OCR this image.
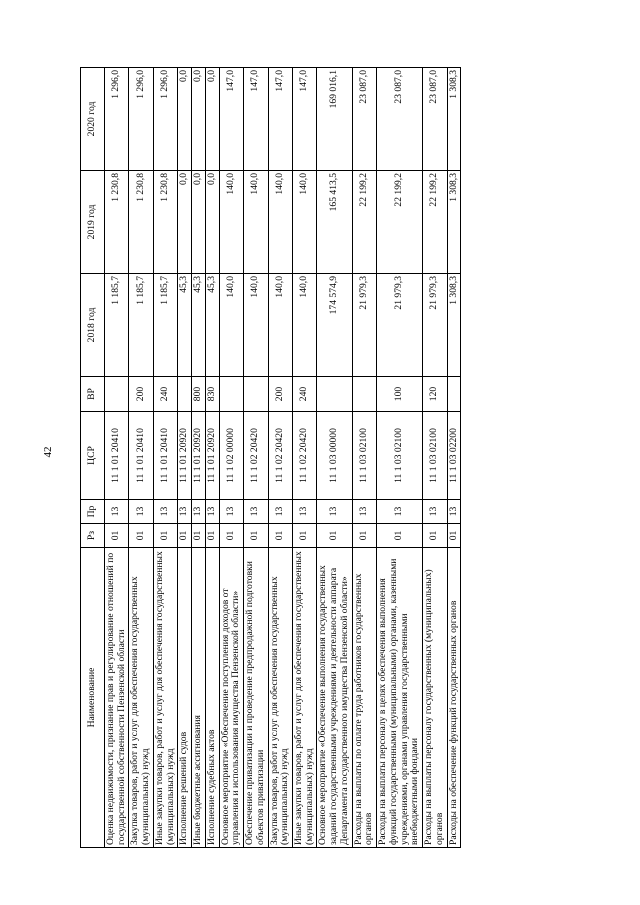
42
Наименование	Рз	Пр	ЦСР	ВР	2018 год	2019 год	2020 год
Оценка недвижимости, признание прав и регулирование отношений по государственной собственности Пензенской области	01	13	11 1 01 20410		1 185,7	1 230,8	1 296,0
Закупка товаров, работ и услуг для обеспечения государственных (муниципальных) нужд	01	13	11 1 01 20410	200	1 185,7	1 230,8	1 296,0
Иные закупки товаров, работ и услуг для обеспечения государственных (муниципальных) нужд	01	13	11 1 01 20410	240	1 185,7	1 230,8	1 296,0
Исполнение решений судов	01	13	11 1 01 20920		45,3	0,0	0,0
Иные бюджетные ассигнования	01	13	11 1 01 20920	800	45,3	0,0	0,0
Исполнение судебных актов	01	13	11 1 01 20920	830	45,3	0,0	0,0
Основное мероприятие «Обеспечение поступления доходов от управления и использования имущества Пензенской области»	01	13	11 1 02 00000		140,0	140,0	147,0
Обеспечение приватизации и проведение предпродажной подготовки объектов приватизации	01	13	11 1 02 20420		140,0	140,0	147,0
Закупка товаров, работ и услуг для обеспечения государственных (муниципальных) нужд	01	13	11 1 02 20420	200	140,0	140,0	147,0
Иные закупки товаров, работ и услуг для обеспечения государственных (муниципальных) нужд	01	13	11 1 02 20420	240	140,0	140,0	147,0
Основное мероприятие «Обеспечение выполнения государственных заданий государственными учреждениями и деятельности аппарата Департамента государственного имущества Пензенской области»	01	13	11 1 03 00000		174 574,9	165 413,5	169 016,1
Расходы на выплаты по оплате труда работников государственных органов	01	13	11 1 03 02100		21 979,3	22 199,2	23 087,0
Расходы на выплаты персоналу в целях обеспечения выполнения функций государственными (муниципальными) органами, казенными учреждениями, органами управления государственными внебюджетными фондами	01	13	11 1 03 02100	100	21 979,3	22 199,2	23 087,0
Расходы на выплаты персоналу государственных (муниципальных) органов	01	13	11 1 03 02100	120	21 979,3	22 199,2	23 087,0
Расходы на обеспечение функций государственных органов	01	13	11 1 03 02200		1 308,3	1 308,3	1 308,3
